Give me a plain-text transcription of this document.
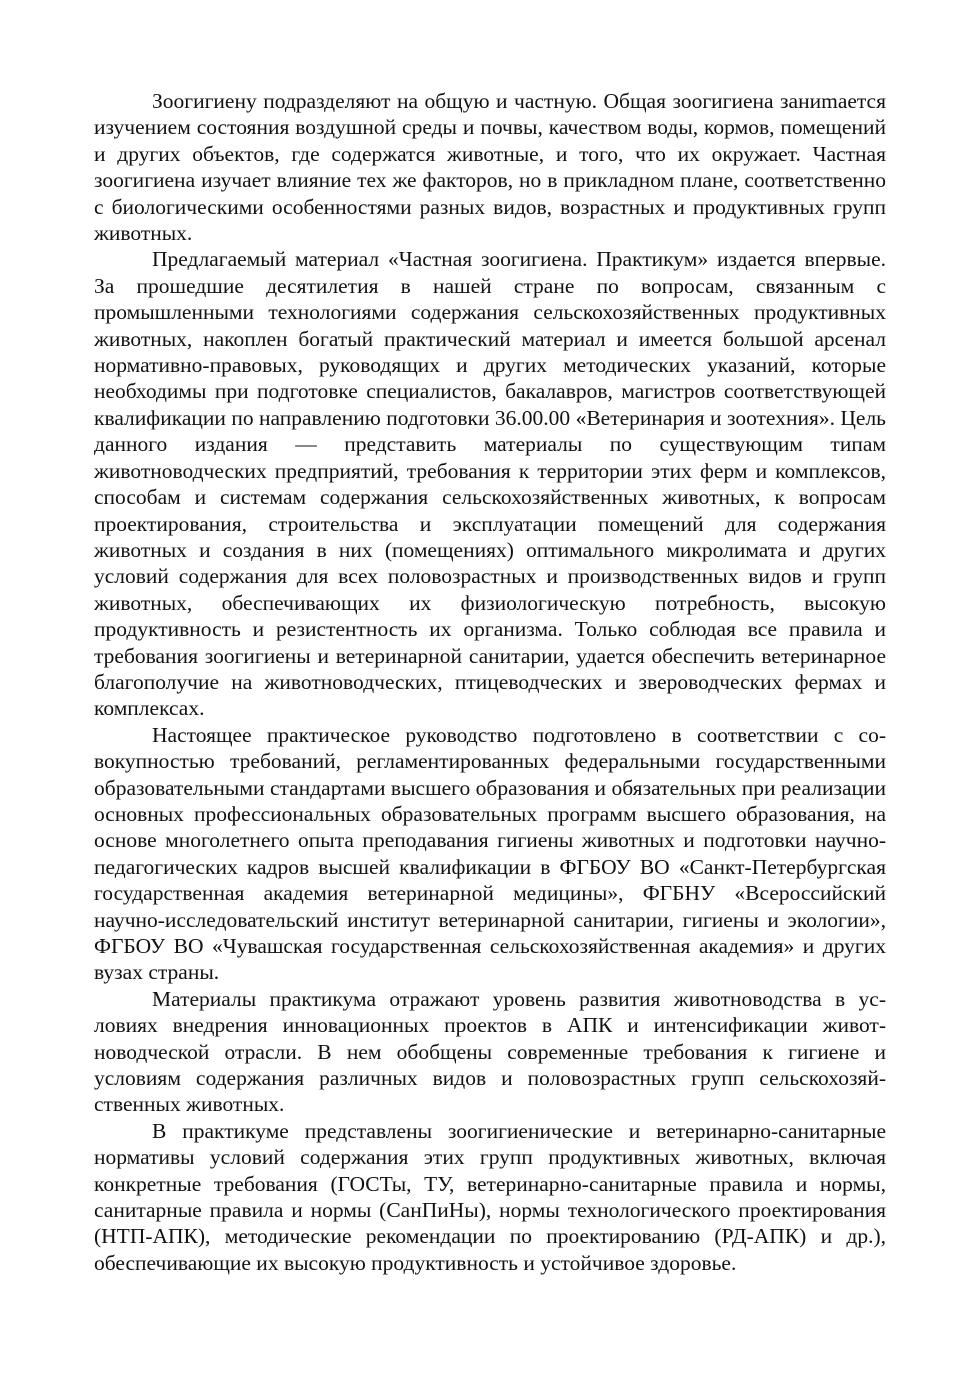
Зоогигиену подразделяют на общую и частную. Общая зоогигиена заниmается изучением состояния воздушной среды и почвы, качеством воды, кормов, помещений и других объектов, где содержатся животные, и того, что их окружает. Частная зоогигиена изучает влияние тех же факторов, но в прикладном плане, соответственно с биологическими особенностями разных видов, возрастных и продуктивных групп животных.

Предлагаемый материал «Частная зоогигиена. Практикум» издается впервые. За прошедшие десятилетия в нашей стране по вопросам, связанным с промышленными технологиями содержания сельскохозяйственных продуктивных животных, накоплен богатый практический материал и имеется большой арсенал нормативно-правовых, руководящих и других методических указаний, которые необходимы при подготовке специалистов, бакалавров, магистров соответствующей квалификации по направлению подготовки 36.00.00 «Ветеринария и зоотехния». Цель данного издания — представить материалы по существующим типам животноводческих предприятий, требования к территории этих ферм и комплексов, способам и системам содержания сельскохозяйственных животных, к вопросам проектирования, строительства и эксплуатации помещений для содержания животных и создания в них (помещениях) оптимального микролимата и других условий содержания для всех половозрастных и производственных видов и групп животных, обеспечивающих их физиологическую потребность, высокую продуктивность и резистентность их организма. Только соблюдая все правила и требования зоогигиены и ветеринарной санитарии, удается обеспечить ветеринарное благополучие на животноводческих, птицеводческих и звероводческих фермах и комплексах.

Настоящее практическое руководство подготовлено в соответствии с совокупностью требований, регламентированных федеральными государственными образовательными стандартами высшего образования и обязательных при реализации основных профессиональных образовательных программ высшего образования, на основе многолетнего опыта преподавания гигиены животных и подготовки научно-педагогических кадров высшей квалификации в ФГБОУ ВО «Санкт-Петербургская государственная академия ветеринарной медицины», ФГБНУ «Всероссийский научно-исследовательский институт ветеринарной санитарии, гигиены и экологии», ФГБОУ ВО «Чувашская государственная сельскохозяйственная академия» и других вузах страны.

Материалы практикума отражают уровень развития животноводства в условиях внедрения инновационных проектов в АПК и интенсификации животноводческой отрасли. В нем обобщены современные требования к гигиене и условиям содержания различных видов и половозрастных групп сельскохозяйственных животных.

В практикуме представлены зоогигиенические и ветеринарно-санитарные нормативы условий содержания этих групп продуктивных животных, включая конкретные требования (ГОСТы, ТУ, ветеринарно-санитарные правила и нормы, санитарные правила и нормы (СанПиНы), нормы технологического проектирования (НТП-АПК), методические рекомендации по проектированию (РД-АПК) и др.), обеспечивающие их высокую продуктивность и устойчивое здоровье.
